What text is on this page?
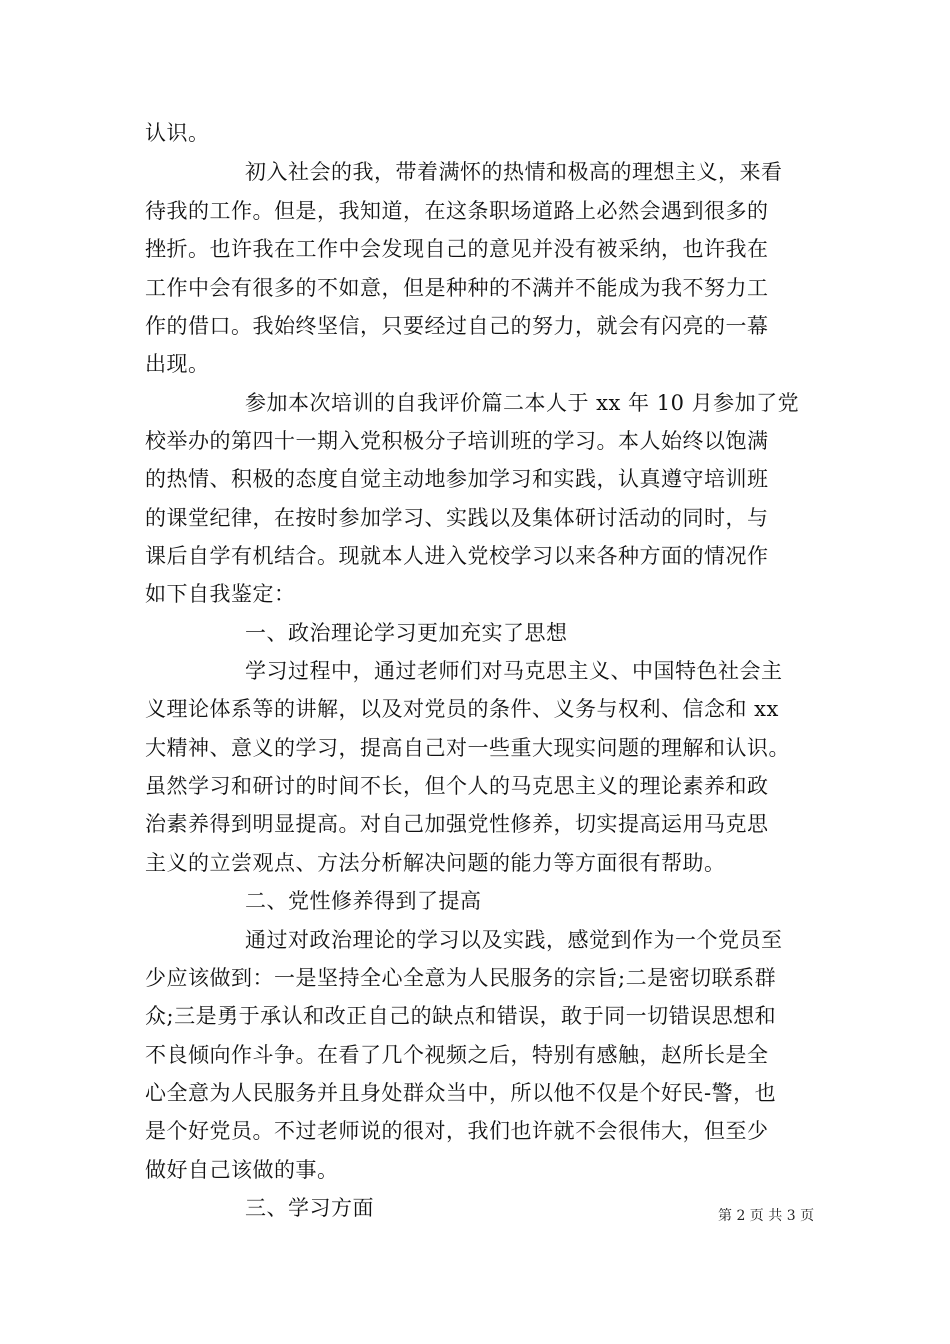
认识。
初入社会的我，带着满怀的热情和极高的理想主义，来看
待我的工作。但是，我知道，在这条职场道路上必然会遇到很多的
挫折。也许我在工作中会发现自己的意见并没有被采纳，也许我在
工作中会有很多的不如意，但是种种的不满并不能成为我不努力工
作的借口。我始终坚信，只要经过自己的努力，就会有闪亮的一幕
出现。
参加本次培训的自我评价篇二本人于 xx 年 10 月参加了党
校举办的第四十一期入党积极分子培训班的学习。本人始终以饱满
的热情、积极的态度自觉主动地参加学习和实践，认真遵守培训班
的课堂纪律，在按时参加学习、实践以及集体研讨活动的同时，与
课后自学有机结合。现就本人进入党校学习以来各种方面的情况作
如下自我鉴定：
一、政治理论学习更加充实了思想
学习过程中，通过老师们对马克思主义、中国特色社会主
义理论体系等的讲解，以及对党员的条件、义务与权利、信念和 xx
大精神、意义的学习，提高自己对一些重大现实问题的理解和认识。
虽然学习和研讨的时间不长，但个人的马克思主义的理论素养和政
治素养得到明显提高。对自己加强党性修养，切实提高运用马克思
主义的立尝观点、方法分析解决问题的能力等方面很有帮助。
二、党性修养得到了提高
通过对政治理论的学习以及实践，感觉到作为一个党员至
少应该做到：一是坚持全心全意为人民服务的宗旨;二是密切联系群
众;三是勇于承认和改正自己的缺点和错误，敢于同一切错误思想和
不良倾向作斗争。在看了几个视频之后，特别有感触，赵所长是全
心全意为人民服务并且身处群众当中，所以他不仅是个好民-警，也
是个好党员。不过老师说的很对，我们也许就不会很伟大，但至少
做好自己该做的事。
三、学习方面	第 2 页 共 3 页
